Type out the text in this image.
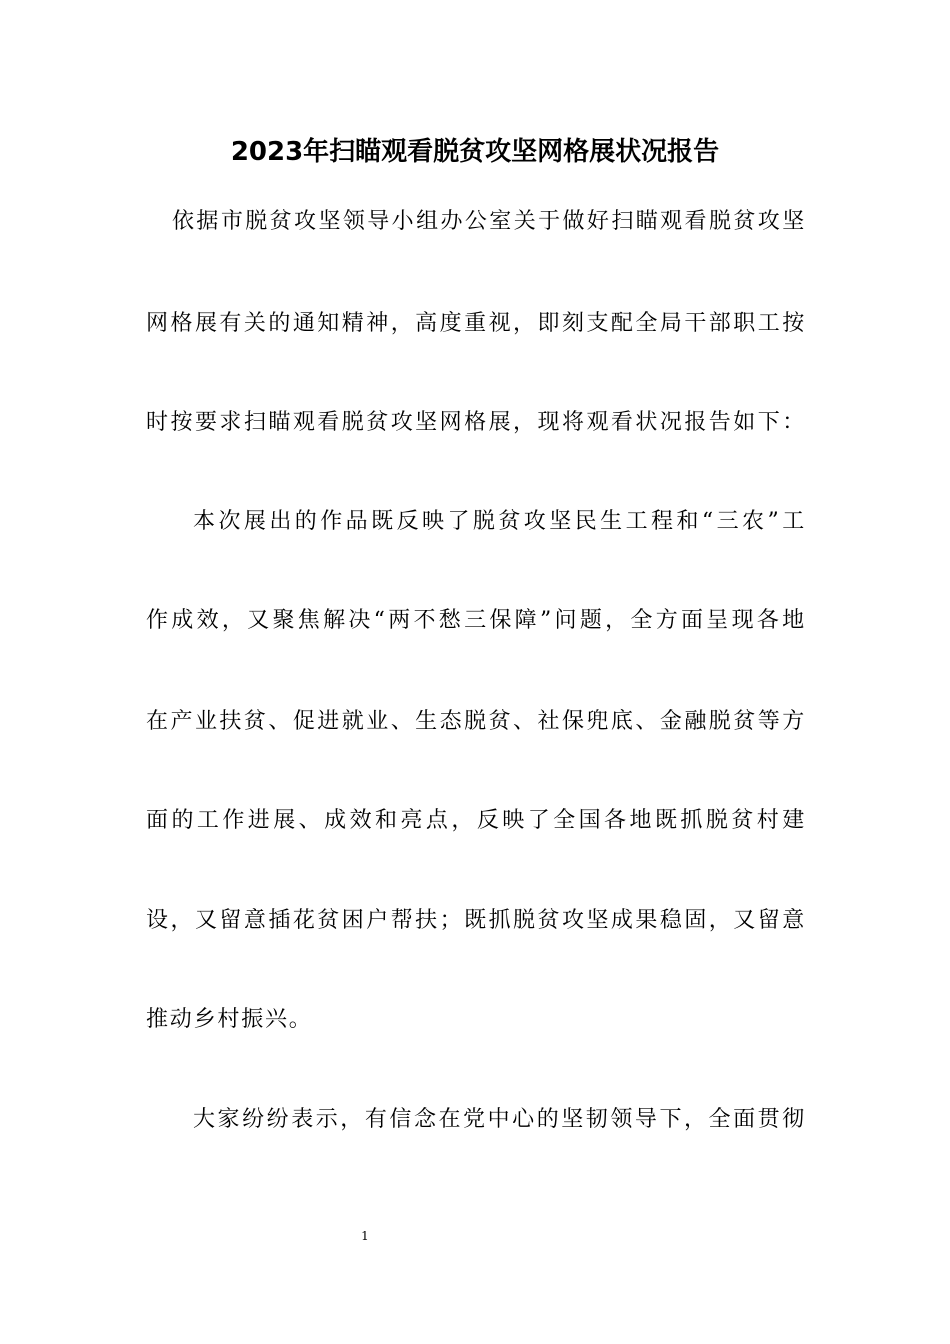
2023年扫瞄观看脱贫攻坚网格展状况报告
依据市脱贫攻坚领导小组办公室关于做好扫瞄观看脱贫攻坚
网格展有关的通知精神，高度重视，即刻支配全局干部职工按
时按要求扫瞄观看脱贫攻坚网格展，现将观看状况报告如下：
本次展出的作品既反映了脱贫攻坚民生工程和“三农”工
作成效，又聚焦解决“两不愁三保障”问题，全方面呈现各地
在产业扶贫、促进就业、生态脱贫、社保兜底、金融脱贫等方
面的工作进展、成效和亮点，反映了全国各地既抓脱贫村建
设，又留意插花贫困户帮扶；既抓脱贫攻坚成果稳固，又留意
推动乡村振兴。
大家纷纷表示，有信念在党中心的坚韧领导下，全面贯彻
1
